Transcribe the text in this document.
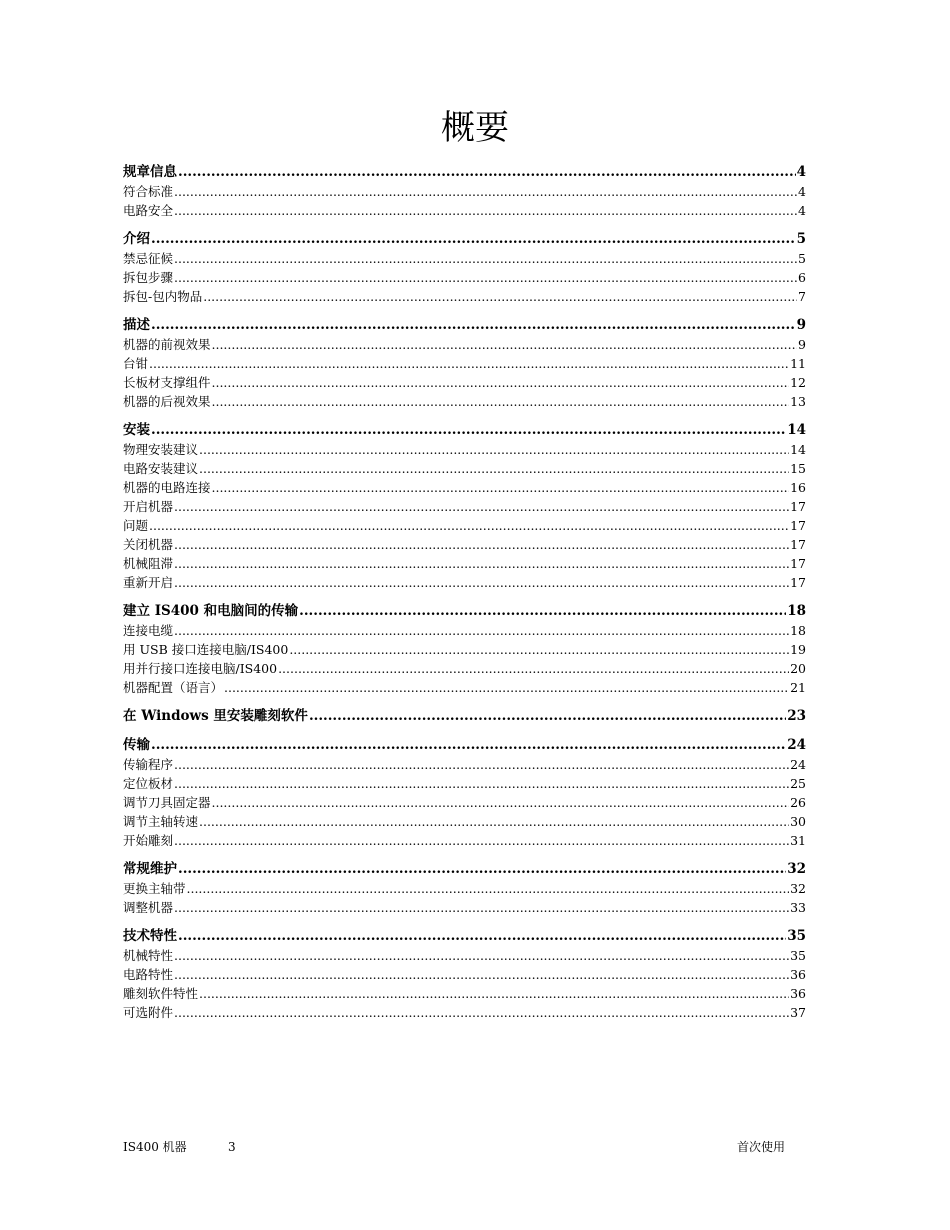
概要
规章信息 .....	4
符合标准 .....	4
电路安全 .....	4
介绍 .....	5
禁忌征候 .....	5
拆包步骤 .....	6
拆包-包内物品 .....	7
描述 .....	9
机器的前视效果 .....	9
台钳 .....	11
长板材支撑组件 .....	12
机器的后视效果 .....	13
安装 .....	14
物理安装建议 .....	14
电路安装建议 .....	15
机器的电路连接 .....	16
开启机器 .....	17
问题 .....	17
关闭机器 .....	17
机械阻滞 .....	17
重新开启 .....	17
建立 IS400 和电脑间的传输 .....	18
连接电缆 .....	18
用 USB 接口连接电脑/IS400 .....	19
用并行接口连接电脑/IS400 .....	20
机器配置（语言） .....	21
在 Windows 里安装雕刻软件 .....	23
传输 .....	24
传输程序 .....	24
定位板材 .....	25
调节刀具固定器 .....	26
调节主轴转速 .....	30
开始雕刻 .....	31
常规维护 .....	32
更换主轴带 .....	32
调整机器 .....	33
技术特性 .....	35
机械特性 .....	35
电路特性 .....	36
雕刻软件特性 .....	36
可选附件 .....	37
IS400 机器	3	首次使用
